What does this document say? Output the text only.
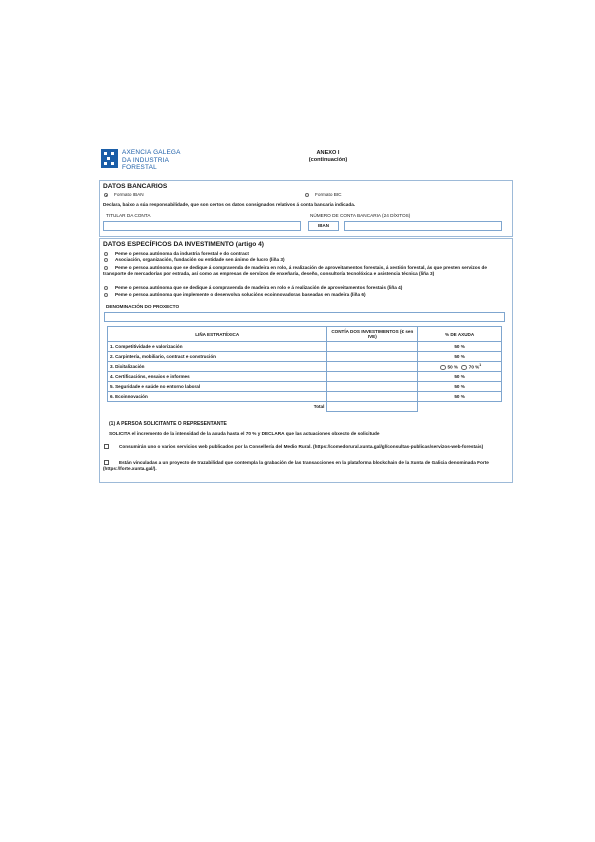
AXENCIA GALEGA
DA INDUSTRIA
FORESTAL
ANEXO I
(continuación)
DATOS BANCARIOS
Formato IBAN	Formato BIC
Declara, baixo a súa responsabilidade, que son certos os datos consignados relativos á conta bancaria indicada.
TITULAR DA CONTA	NÚMERO DE CONTA BANCARIA (24 DÍXITOS)
IBAN
DATOS ESPECÍFICOS DA INVESTIMENTO (artigo 4)
Peme o persoa autónoma da industria forestal e do contract
Asociación, organización, fundación ou entidade sen ánimo de lucro (liña 3)
Peme o persoa autónoma que se dedique á compravenda de madeira en rolo, á realización de aproveitamentos forestais, á xestión forestal, ás que presten servizos de transporte de mercadorías por estrada, así como as empresas de servizos de enxeñaría, deseño, consultoría tecnolóxica e asistencia técnica (liña 3)
Peme o persoa autónoma que se dedique á compravenda de madeira en rolo e á realización de aproveitamentos forestais (liña 4)
Peme o persoa autónoma que implemente o desenvolva solucións ecoinnovadoras baseadas en madeira (liña 6)
DENOMINACIÓN DO PROXECTO
LIÑA ESTRATÉXICA	CONTÍA DOS INVESTIMENTOS (€ sen IVE)	% DE AXUDA
1. Competitividade e valorización		50 %
2. Carpintería, mobiliario, contract e construción		50 %
3. Dixitalización		50 % 70 %$^1$
4. Certificacións, ensaios e informes		50 %
5. Seguridade e saúde no entorno laboral		50 %
6. Ecoinnovación		50 %
Total		
(1) A PERSOA SOLICITANTE O REPRESENTANTE
SOLICITA el incremento de la intensidad de la axuda hasta el 70 % y DECLARA que las actuaciones obxecto de solicitude
Consumirán uno o varios servicios web publicados por la Consellería del Medio Rural. (https://comedorural.xunta.gal/gl/consultas-publicas/servizos-web-forestais)
Están vinculadas a un proyecto de trazabilidad que contempla la grabación de las transacciones en la plataforma blockchain de la Xunta de Galicia denominada Forte (https://forte.xunta.gal/).
